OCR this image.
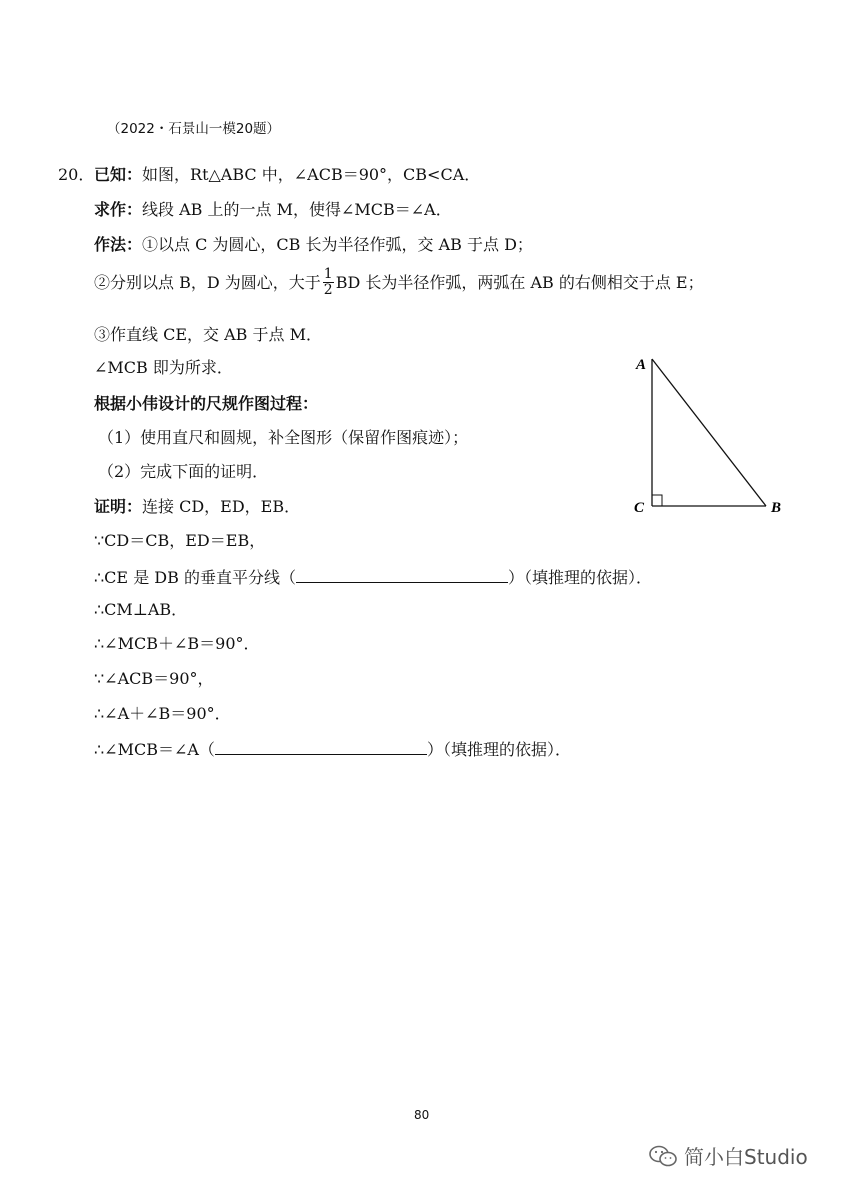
（2022・石景山一模20题）
20． 已知：如图，Rt△ABC 中，∠ACB＝90°，CB<CA．
求作：线段 AB 上的一点 M，使得∠MCB＝∠A．
作法：①以点 C 为圆心，CB 长为半径作弧，交 AB 于点 D；
②分别以点 B，D 为圆心，大于 $\frac{1}{2}$ BD 长为半径作弧，两弧在 AB 的右侧相交于点 E；
③作直线 CE，交 AB 于点 M．
∠MCB 即为所求．
根据小伟设计的尺规作图过程：
（1）使用直尺和圆规，补全图形（保留作图痕迹）；
（2）完成下面的证明．
证明：连接 CD，ED，EB．
∵CD＝CB，ED＝EB，
∴CE 是 DB 的垂直平分线（	）（填推理的依据）．
∴CM⊥AB．
∴∠MCB＋∠B＝90°．
∵∠ACB＝90°，
∴∠A＋∠B＝90°．
∴∠MCB＝∠A（	）（填推理的依据）．
A
C	B
80
简小白Studio
